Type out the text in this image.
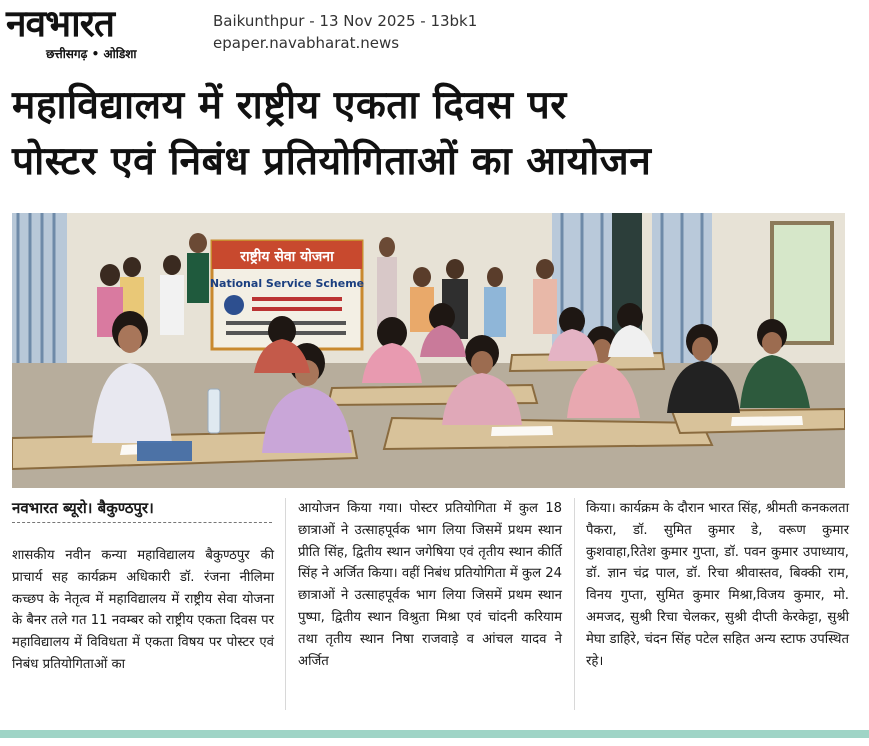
नवभारत
छत्तीसगढ़ • ओडिशा
Baikunthpur - 13 Nov 2025 - 13bk1
epaper.navabharat.news
महाविद्यालय में राष्ट्रीय एकता दिवस पर
पोस्टर एवं निबंध प्रतियोगिताओं का आयोजन
राष्ट्रीय सेवा योजना
National Service Scheme
नवभारत ब्यूरो। बैकुण्ठपुर।
शासकीय नवीन कन्या महाविद्यालय बैकुण्ठपुर की प्राचार्य सह कार्यक्रम अधिकारी डॉ. रंजना नीलिमा कच्छप के नेतृत्व में महाविद्यालय में राष्ट्रीय सेवा योजना के बैनर तले गत 11 नवम्बर को राष्ट्रीय एकता दिवस पर महाविद्यालय में विविधता में एकता विषय पर पोस्टर एवं निबंध प्रतियोगिताओं का
आयोजन किया गया। पोस्टर प्रतियोगिता में कुल 18 छात्राओं ने उत्साहपूर्वक भाग लिया जिसमें प्रथम स्थान प्रीति सिंह, द्वितीय स्थान जगेषिया एवं तृतीय स्थान कीर्ति सिंह ने अर्जित किया। वहीं निबंध प्रतियोगिता में कुल 24 छात्राओं ने उत्साहपूर्वक भाग लिया जिसमें प्रथम स्थान पुष्पा, द्वितीय स्थान विश्रुता मिश्रा एवं चांदनी करियाम तथा तृतीय स्थान निषा राजवाड़े व आंचल यादव ने अर्जित
किया। कार्यक्रम के दौरान भारत सिंह, श्रीमती कनकलता पैकरा, डॉ. सुमित कुमार डे, वरूण कुमार कुशवाहा,रितेश कुमार गुप्ता, डॉ. पवन कुमार उपाध्याय, डॉ. ज्ञान चंद्र पाल, डॉ. रिचा श्रीवास्तव, बिक्की राम, विनय गुप्ता, सुमित कुमार मिश्रा,विजय कुमार, मो. अमजद, सुश्री रिचा चेलकर, सुश्री दीप्ती केरकेट्टा, सुश्री मेघा डाहिरे, चंदन सिंह पटेल सहित अन्य स्टाफ उपस्थित रहे।
